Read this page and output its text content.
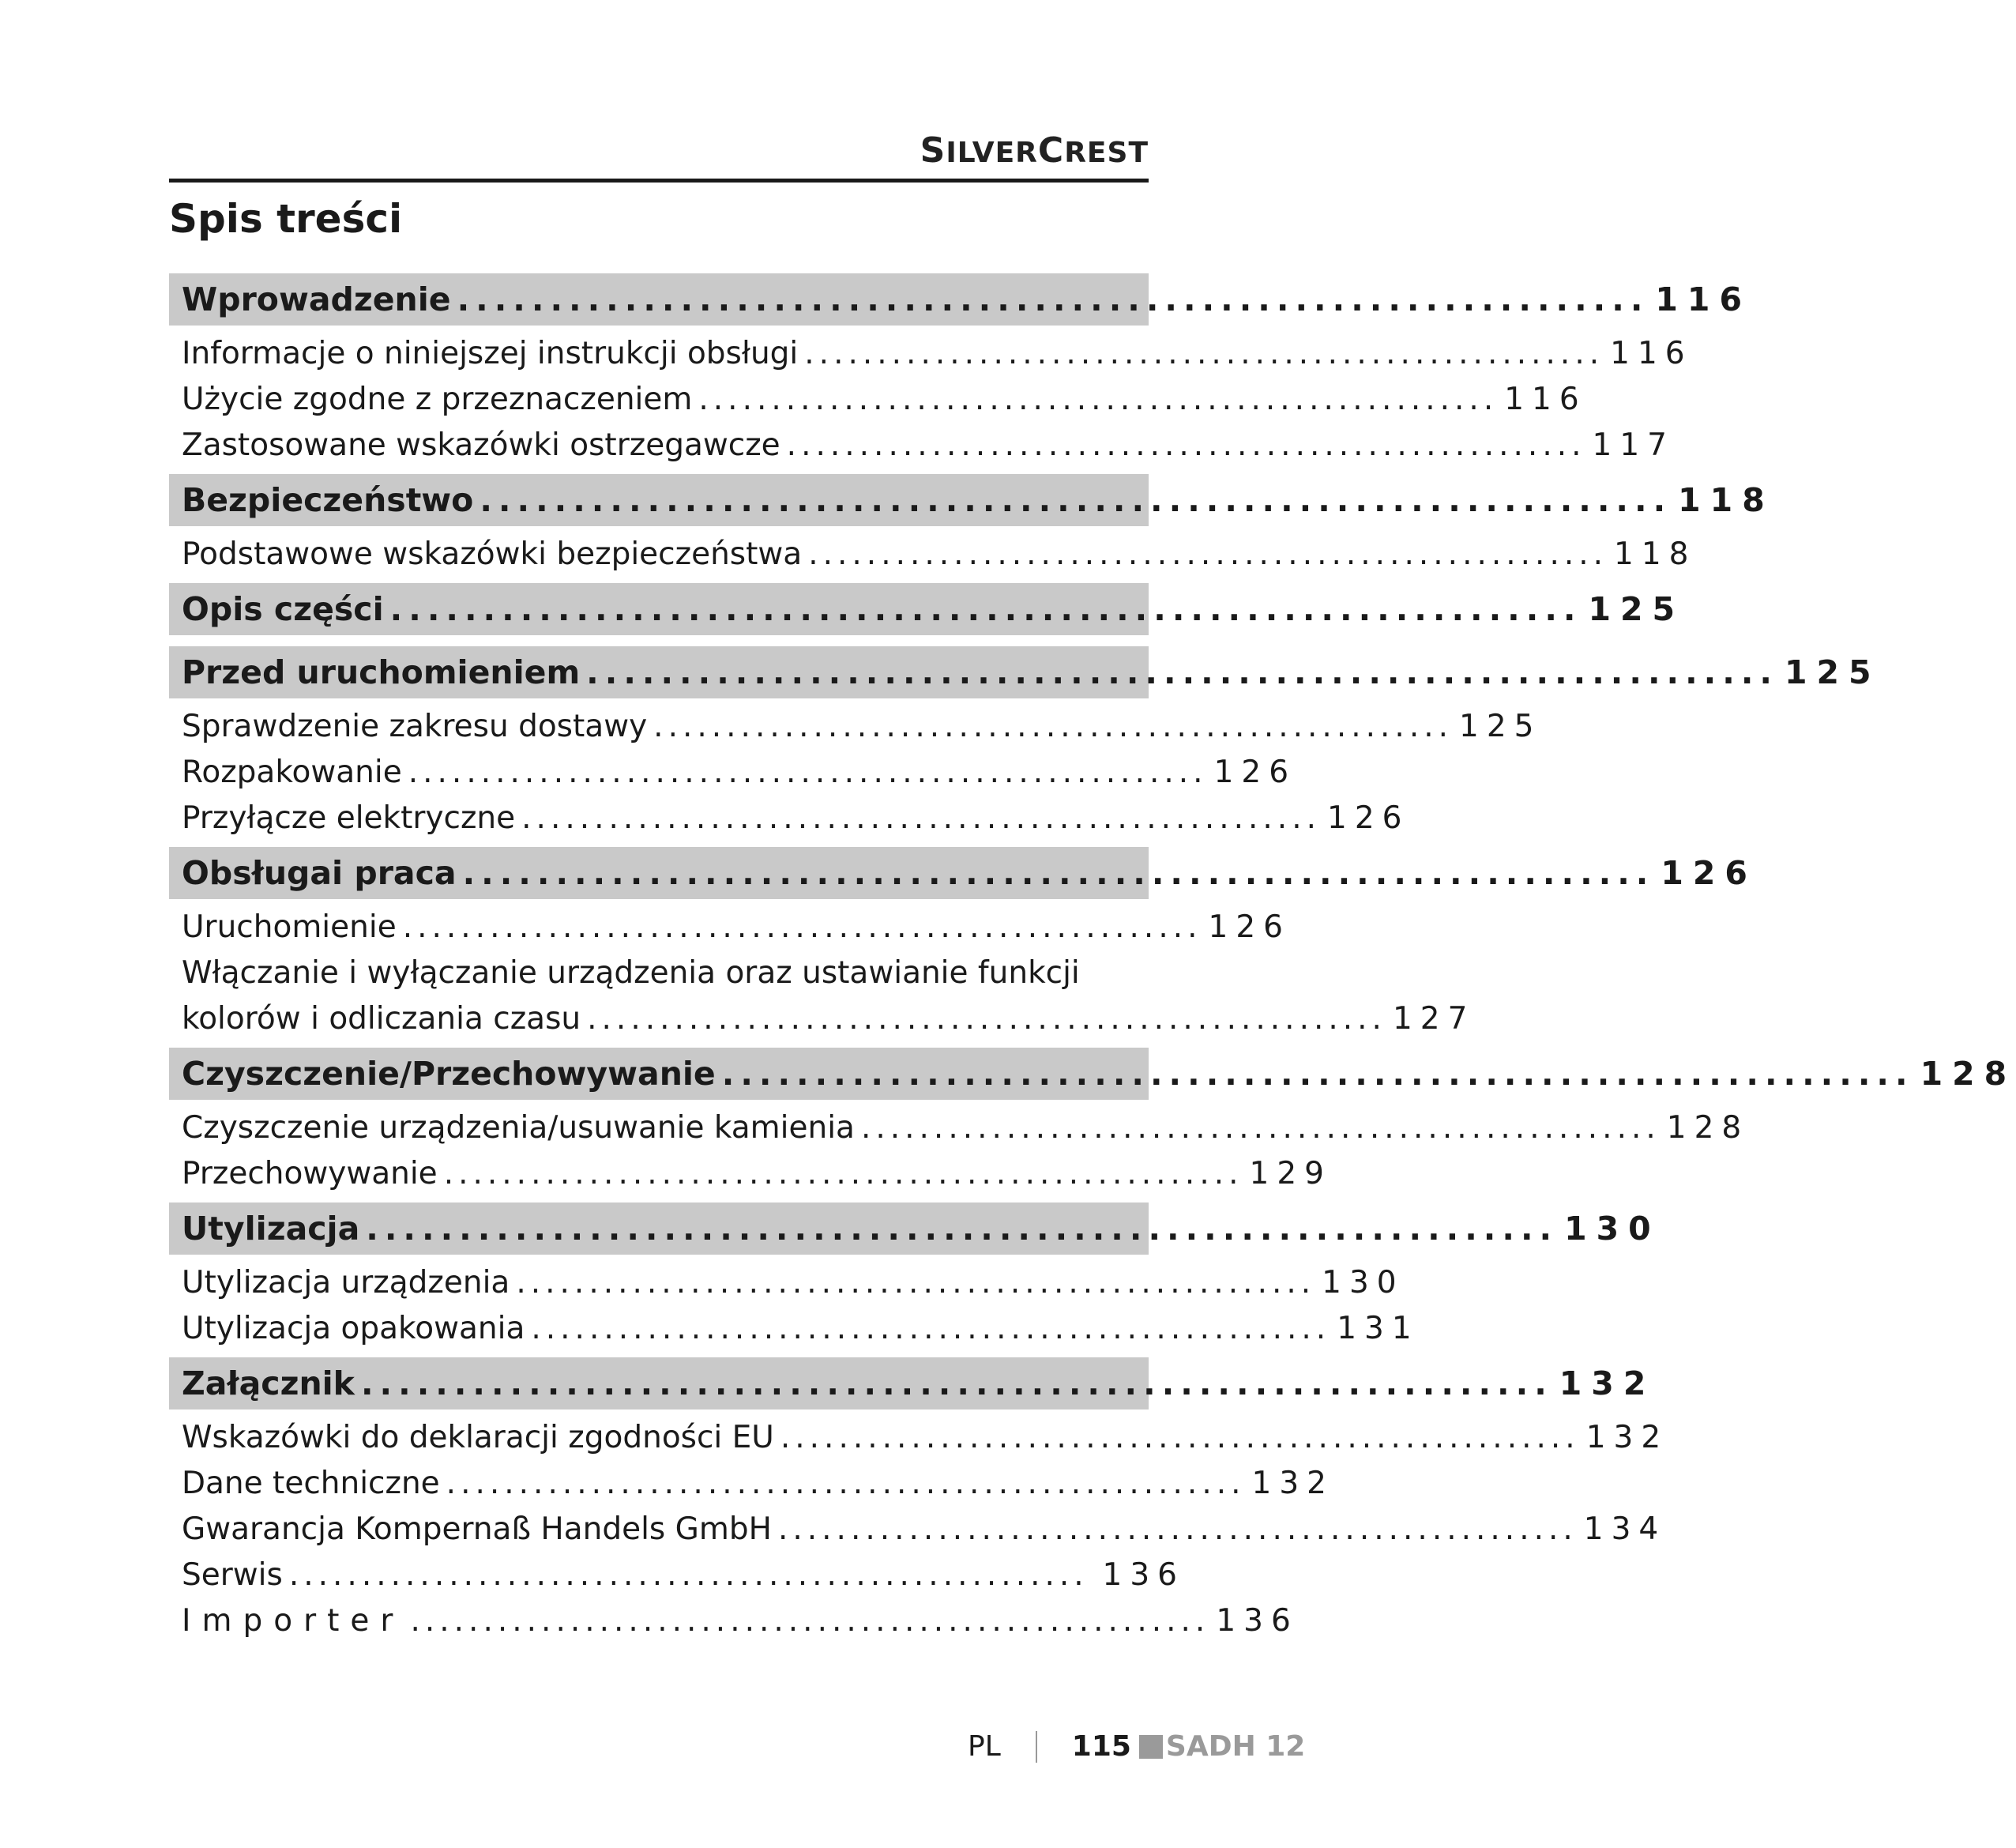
SILVERCREST
Spis treści
Wprowadzenie ................................................................ 116
Informacje o niniejszej instrukcji obsługi ....................................................... 116
Użycie zgodne z przeznaczeniem ....................................................... 116
Zastosowane wskazówki ostrzegawcze ....................................................... 117
Bezpieczeństwo ................................................................ 118
Podstawowe wskazówki bezpieczeństwa ....................................................... 118
Opis części ................................................................ 125
Przed uruchomieniem ................................................................ 125
Sprawdzenie zakresu dostawy ....................................................... 125
Rozpakowanie ....................................................... 126
Przyłącze elektryczne ....................................................... 126
Obsługai praca ................................................................ 126
Uruchomienie ....................................................... 126
Włączanie i wyłączanie urządzenia oraz ustawianie funkcji
kolorów i odliczania czasu ....................................................... 127
Czyszczenie/Przechowywanie ................................................................ 128
Czyszczenie urządzenia/usuwanie kamienia ....................................................... 128
Przechowywanie ....................................................... 129
Utylizacja ................................................................ 130
Utylizacja urządzenia ....................................................... 130
Utylizacja opakowania ....................................................... 131
Załącznik ................................................................ 132
Wskazówki do deklaracji zgodności EU ....................................................... 132
Dane techniczne ....................................................... 132
Gwarancja Kompernaß Handels GmbH ....................................................... 134
Serwis ....................................................... 136
Importer ....................................................... 136
PL	115 SADH 12
